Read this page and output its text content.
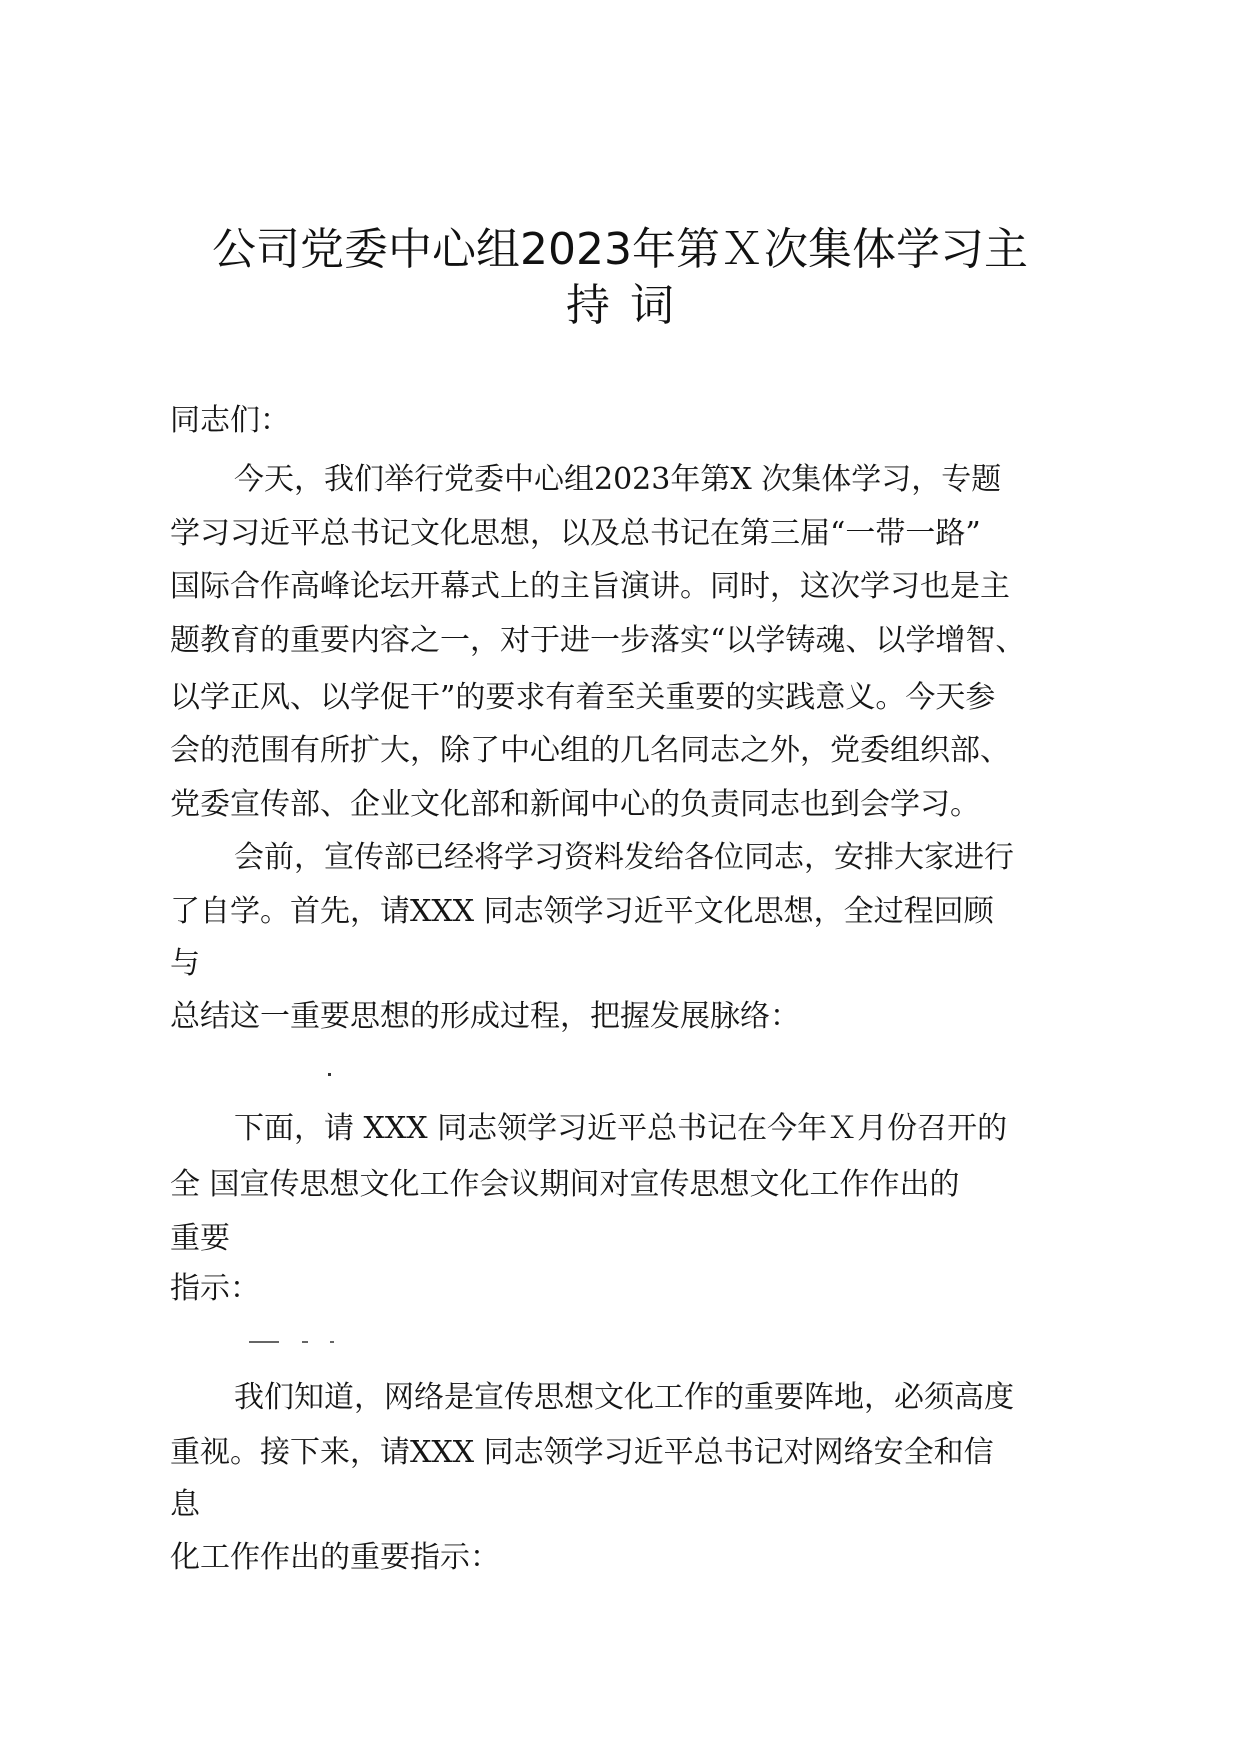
公司党委中心组2023年第Ｘ次集体学习主
持词
同志们：
今天，我们举行党委中心组2023年第X 次集体学习，专题
学习习近平总书记文化思想，以及总书记在第三届“一带一路”
国际合作高峰论坛开幕式上的主旨演讲。同时，这次学习也是主
题教育的重要内容之一，对于进一步落实“以学铸魂、以学增智、
以学正风、以学促干”的要求有着至关重要的实践意义。今天参
会的范围有所扩大，除了中心组的几名同志之外，党委组织部、
党委宣传部、企业文化部和新闻中心的负责同志也到会学习。
会前，宣传部已经将学习资料发给各位同志，安排大家进行
了自学。首先，请XXX 同志领学习近平文化思想，全过程回顾
与
总结这一重要思想的形成过程，把握发展脉络：
下面，请 XXX 同志领学习近平总书记在今年Ｘ月份召开的
全 国宣传思想文化工作会议期间对宣传思想文化工作作出的
重要
指示：
我们知道，网络是宣传思想文化工作的重要阵地，必须高度
重视。接下来，请XXX 同志领学习近平总书记对网络安全和信
息
化工作作出的重要指示：
